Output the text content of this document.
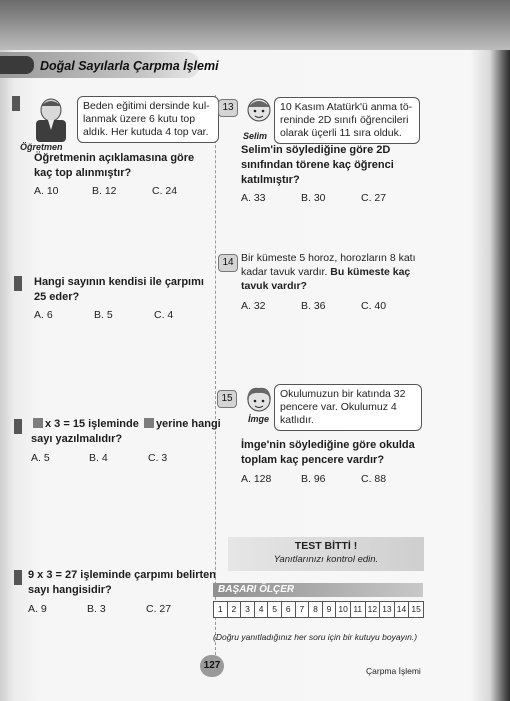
Doğal Sayılarla Çarpma İşlemi
Öğretmen
Beden eğitimi dersinde kul-
lanmak üzere 6 kutu top
aldık. Her kutuda 4 top var.
Öğretmenin açıklamasına göre
kaç top alınmıştır?
A. 10	B. 12	C. 24
Hangi sayının kendisi ile çarpımı
25 eder?
A. 6	B. 5	C. 4
x 3 = 15 işleminde yerine hangi
sayı yazılmalıdır?
A. 5	B. 4	C. 3
9 x 3 = 27 işleminde çarpımı belirten
sayı hangisidir?
A. 9	B. 3	C. 27
13
Selim
10 Kasım Atatürk'ü anma tö-
reninde 2D sınıfı öğrencileri
olarak üçerli 11 sıra olduk.
Selim'in söylediğine göre 2D
sınıfından törene kaç öğrenci
katılmıştır?
A. 33	B. 30	C. 27
14 Bir kümeste 5 horoz, horozların 8 katı
kadar tavuk vardır. Bu kümeste kaç
tavuk vardır?
A. 32	B. 36	C. 40
15
İmge
Okulumuzun bir katında 32
pencere var. Okulumuz 4
katlıdır.
İmge'nin söylediğine göre okulda
toplam kaç pencere vardır?
A. 128	B. 96	C. 88
TEST BİTTİ !
Yanıtlarınızı kontrol edin.
BAŞARI ÖLÇER
1	2	3	4	5	6	7	8	9 10 11 12 13 14 15
(Doğru yanıtladığınız her soru için bir kutuyu boyayın.)
127	Çarpma İşlemi
